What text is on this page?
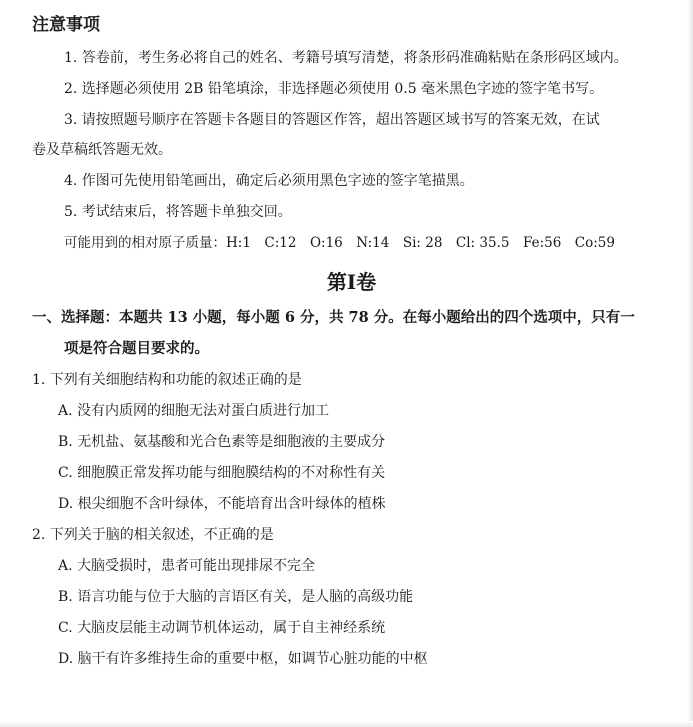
注意事项
1. 答卷前，考生务必将自己的姓名、考籍号填写清楚，将条形码准确粘贴在条形码区域内。
2. 选择题必须使用 2B 铅笔填涂，非选择题必须使用 0.5 毫米黑色字迹的签字笔书写。
3. 请按照题号顺序在答题卡各题目的答题区作答，超出答题区域书写的答案无效，在试
卷及草稿纸答题无效。
4. 作图可先使用铅笔画出，确定后必须用黑色字迹的签字笔描黑。
5. 考试结束后，将答题卡单独交回。
可能用到的相对原子质量：H:1　C:12　O:16　N:14　Si: 28　Cl: 35.5　Fe:56　Co:59
第I卷
一、选择题：本题共 13 小题，每小题 6 分，共 78 分。在每小题给出的四个选项中，只有一
项是符合题目要求的。
1. 下列有关细胞结构和功能的叙述正确的是
A. 没有内质网的细胞无法对蛋白质进行加工
B. 无机盐、氨基酸和光合色素等是细胞液的主要成分
C. 细胞膜正常发挥功能与细胞膜结构的不对称性有关
D. 根尖细胞不含叶绿体，不能培育出含叶绿体的植株
2. 下列关于脑的相关叙述，不正确的是
A. 大脑受损时，患者可能出现排尿不完全
B. 语言功能与位于大脑的言语区有关，是人脑的高级功能
C. 大脑皮层能主动调节机体运动，属于自主神经系统
D. 脑干有许多维持生命的重要中枢，如调节心脏功能的中枢
